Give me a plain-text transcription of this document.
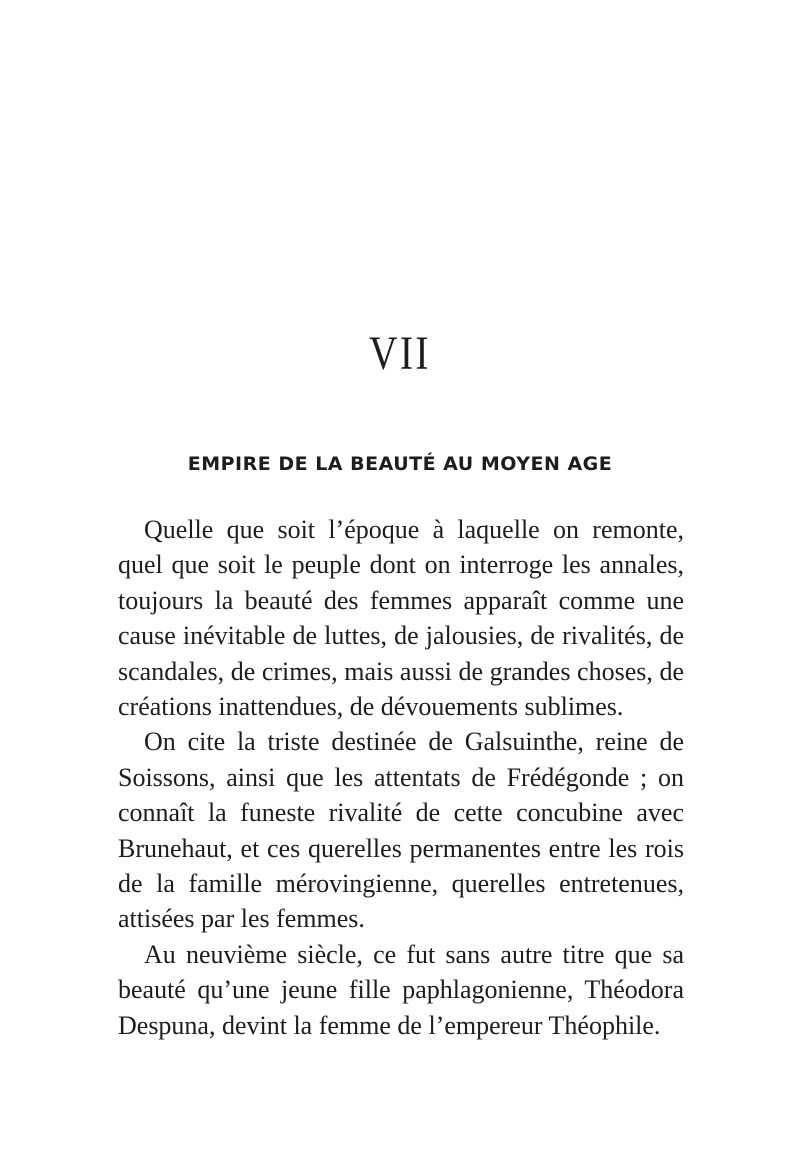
VII
EMPIRE DE LA BEAUTÉ AU MOYEN AGE

Quelle que soit l’époque à laquelle on remonte, quel que soit le peuple dont on interroge les annales, toujours la beauté des femmes apparaît comme une cause inévitable de luttes, de jalousies, de rivalités, de scandales, de crimes, mais aussi de grandes choses, de créations inattendues, de dévouements sublimes.

On cite la triste destinée de Galsuinthe, reine de Soissons, ainsi que les attentats de Frédégonde ; on connaît la funeste rivalité de cette concubine avec Brunehaut, et ces querelles permanentes entre les rois de la famille mérovingienne, querelles entretenues, attisées par les femmes.

Au neuvième siècle, ce fut sans autre titre que sa beauté qu’une jeune fille paphlagonienne, Théodora Despuna, devint la femme de l’empereur Théophile.
